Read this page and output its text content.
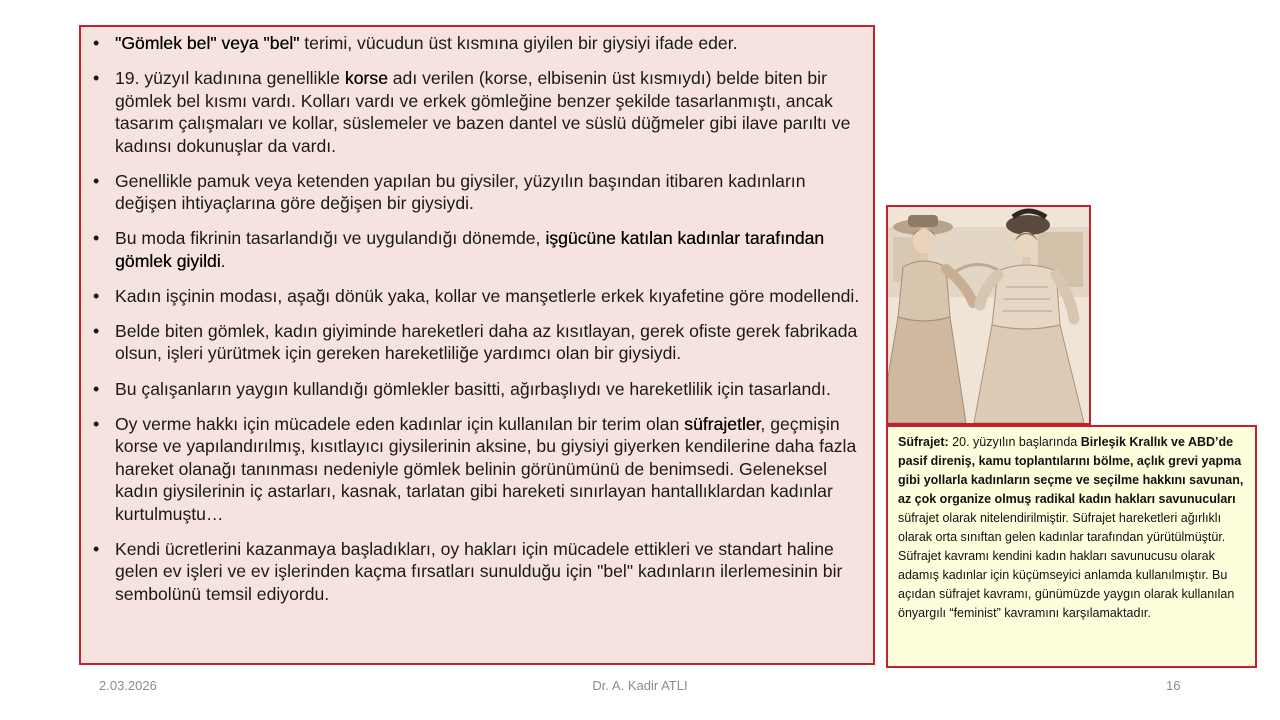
• "Gömlek bel" veya "bel" terimi, vücudun üst kısmına giyilen bir giysiyi ifade eder.
• 19. yüzyıl kadınına genellikle korse adı verilen (korse, elbisenin üst kısmıydı) belde biten bir gömlek bel kısmı vardı. Kolları vardı ve erkek gömleğine benzer şekilde tasarlanmıştı, ancak tasarım çalışmaları ve kollar, süslemeler ve bazen dantel ve süslü düğmeler gibi ilave parıltı ve kadınsı dokunuşlar da vardı.
• Genellikle pamuk veya ketenden yapılan bu giysiler, yüzyılın başından itibaren kadınların değişen ihtiyaçlarına göre değişen bir giysiydi.
• Bu moda fikrinin tasarlandığı ve uygulandığı dönemde, işgücüne katılan kadınlar tarafından gömlek giyildi.
• Kadın işçinin modası, aşağı dönük yaka, kollar ve manşetlerle erkek kıyafetine göre modellendi.
• Belde biten gömlek, kadın giyiminde hareketleri daha az kısıtlayan, gerek ofiste gerek fabrikada olsun, işleri yürütmek için gereken hareketliliğe yardımcı olan bir giysiydi.
• Bu çalışanların yaygın kullandığı gömlekler basitti, ağırbaşlıydı ve hareketlilik için tasarlandı.
• Oy verme hakkı için mücadele eden kadınlar için kullanılan bir terim olan süfrajetler, geçmişin korse ve yapılandırılmış, kısıtlayıcı giysilerinin aksine, bu giysiyi giyerken kendilerine daha fazla hareket olanağı tanınması nedeniyle gömlek belinin görünümünü de benimsedi. Geleneksel kadın giysilerinin iç astarları, kasnak, tarlatan gibi hareketi sınırlayan hantallıklardan kadınlar kurtulmuştu…
• Kendi ücretlerini kazanmaya başladıkları, oy hakları için mücadele ettikleri ve standart haline gelen ev işleri ve ev işlerinden kaçma fırsatları sunulduğu için "bel" kadınların ilerlemesinin bir sembolünü temsil ediyordu.
Süfrajet: 20. yüzyılın başlarında Birleşik Krallık ve ABD’de pasif direniş, kamu toplantılarını bölme, açlık grevi yapma gibi yollarla kadınların seçme ve seçilme hakkını savunan, az çok organize olmuş radikal kadın hakları savunucuları süfrajet olarak nitelendirilmiştir. Süfrajet hareketleri ağırlıklı olarak orta sınıftan gelen kadınlar tarafından yürütülmüştür. Süfrajet kavramı kendini kadın hakları savunucusu olarak adamış kadınlar için küçümseyici anlamda kullanılmıştır. Bu açıdan süfrajet kavramı, günümüzde yaygın olarak kullanılan önyargılı “feminist” kavramını karşılamaktadır.
2.03.2026	Dr. A. Kadir ATLI	16
